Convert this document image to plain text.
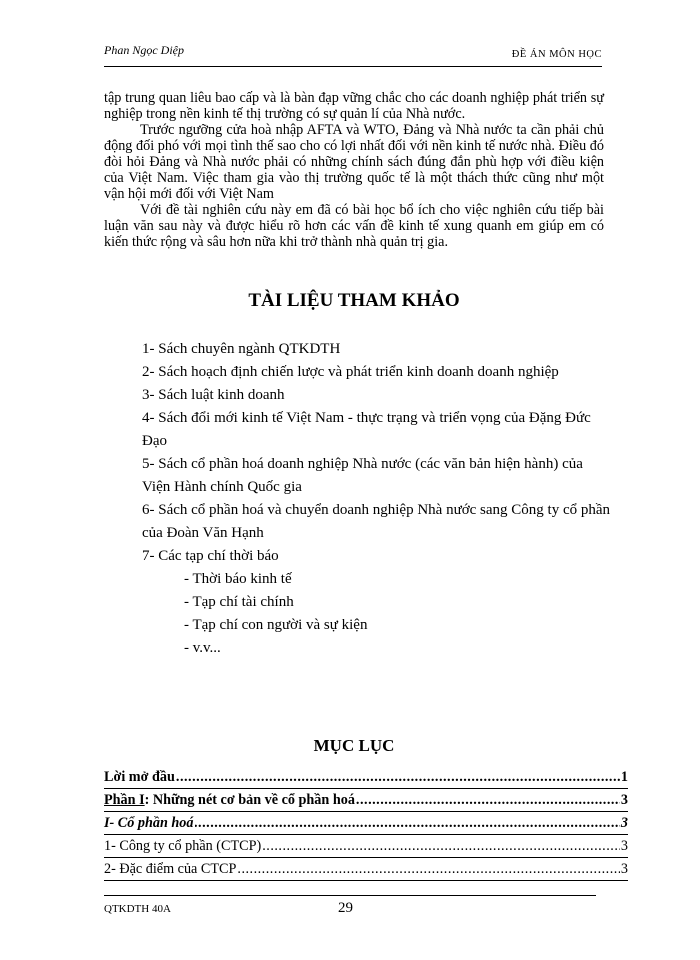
Phan Ngọc Diệp	ĐỀ ÁN MÔN HỌC

tập trung quan liêu bao cấp và là bàn đạp vững chắc cho các doanh nghiệp phát triển sự nghiệp trong nền kinh tế thị trường có sự quản lí của Nhà nước.

Trước ngưỡng cửa hoà nhập AFTA và WTO, Đảng và Nhà nước ta cần phải chủ động đối phó với mọi tình thế sao cho có lợi nhất đối với nền kinh tế nước nhà. Điều đó đòi hỏi Đảng và Nhà nước phải có những chính sách đúng đắn phù hợp với điều kiện của Việt Nam. Việc tham gia vào thị trường quốc tế là một thách thức cũng như một vận hội mới đối với Việt Nam

Với đề tài nghiên cứu này em đã có bài học bổ ích cho việc nghiên cứu tiếp bài luận văn sau này và được hiểu rõ hơn các vấn đề kinh tế xung quanh em giúp em có kiến thức rộng và sâu hơn nữa khi trở thành nhà quản trị gia.

TÀI LIỆU THAM KHẢO
1- Sách chuyên ngành QTKDTH
2- Sách hoạch định chiến lược và phát triển kinh doanh doanh nghiệp
3- Sách luật kinh doanh
4- Sách đổi mới kinh tế Việt Nam - thực trạng và triển vọng của Đặng Đức Đạo
5- Sách cổ phần hoá doanh nghiệp Nhà nước (các văn bản hiện hành) của Viện Hành chính Quốc gia
6- Sách cổ phần hoá và chuyển doanh nghiệp Nhà nước sang Công ty cổ phần của Đoàn Văn Hạnh
7- Các tạp chí thời báo
- Thời báo kinh tế
- Tạp chí tài chính
- Tạp chí con người và sự kiện
- v.v...
MỤC LỤC
Lời mở đầu .....	1
Phần I: Những nét cơ bản về cổ phần hoá .....	3
I- Cổ phần hoá .....	3
1- Công ty cổ phần (CTCP) .....	3
2- Đặc điểm của CTCP .....	3
QTKDTH 40A	29
